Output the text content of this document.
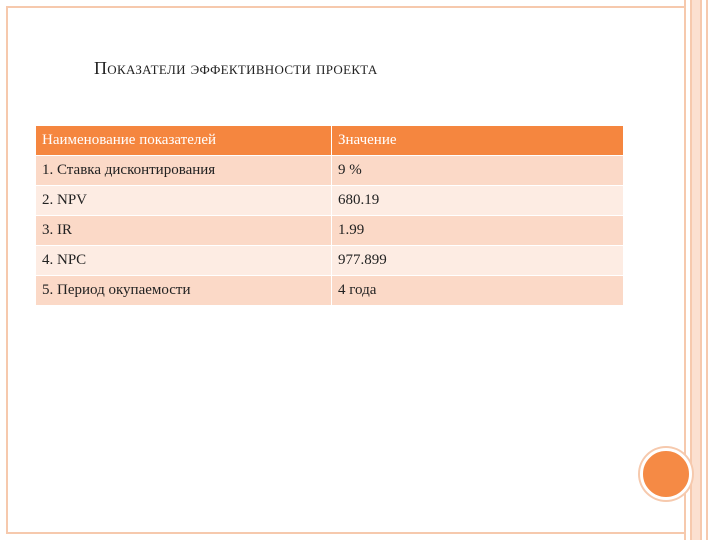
Показатели эффективности проекта
Наименование показателей	Значение
1. Ставка дисконтирования	9 %
2. NPV	680.19
3. IR	1.99
4. NPC	977.899
5. Период окупаемости	4 года
